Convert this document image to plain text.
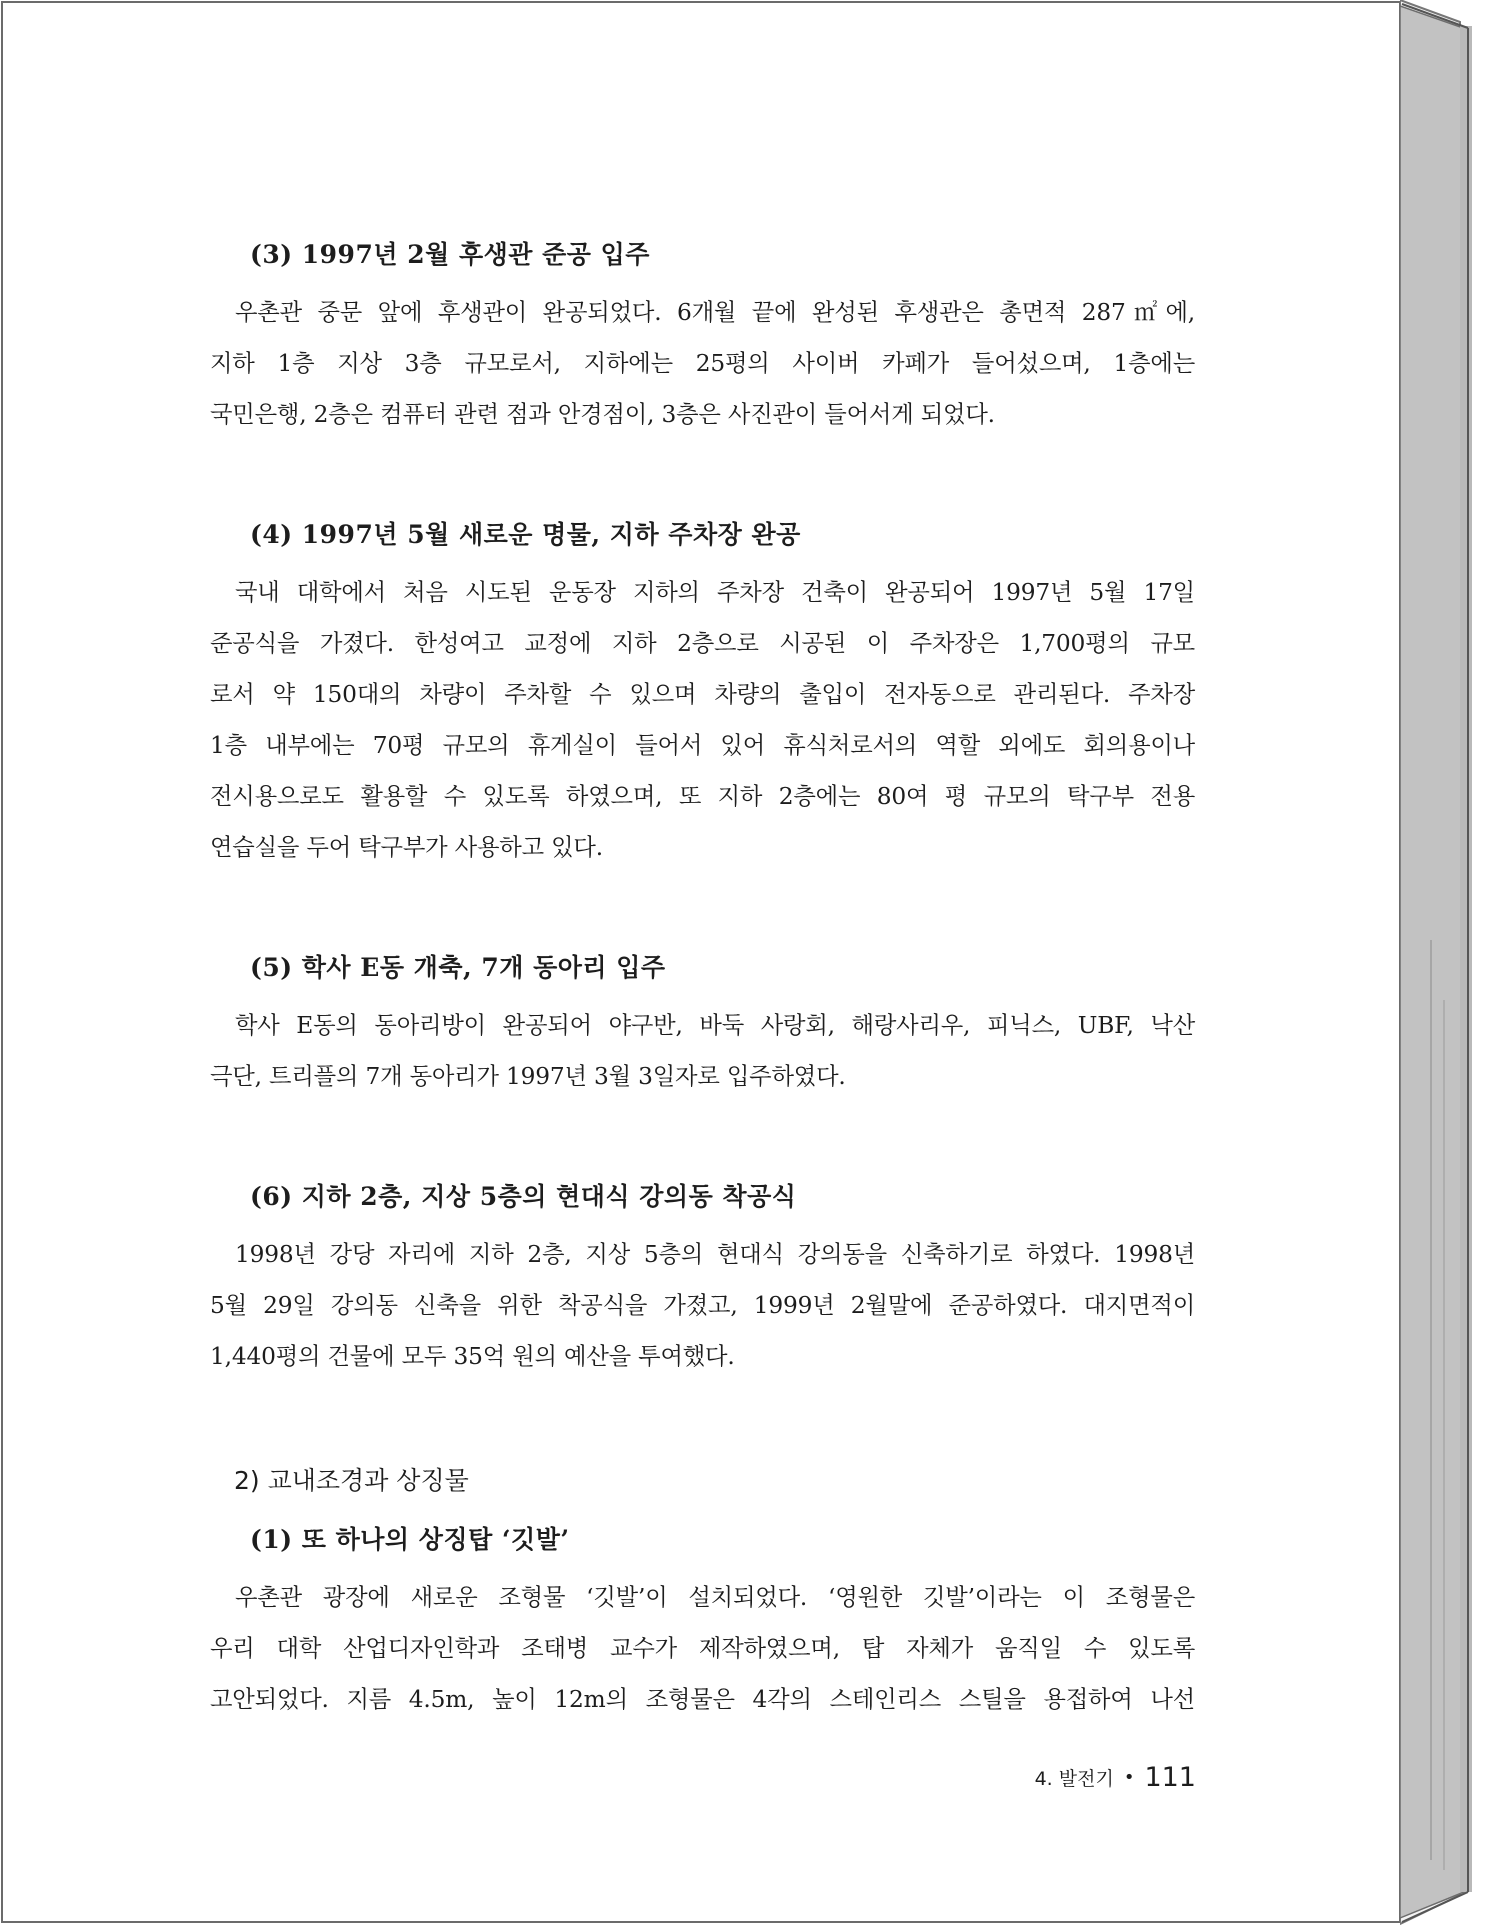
(3) 1997년 2월 후생관 준공 입주
우촌관 중문 앞에 후생관이 완공되었다. 6개월 끝에 완성된 후생관은 총면적 287㎡에,
지하 1층 지상 3층 규모로서, 지하에는 25평의 사이버 카페가 들어섰으며, 1층에는
국민은행, 2층은 컴퓨터 관련 점과 안경점이, 3층은 사진관이 들어서게 되었다.
(4) 1997년 5월 새로운 명물, 지하 주차장 완공
국내 대학에서 처음 시도된 운동장 지하의 주차장 건축이 완공되어 1997년 5월 17일
준공식을 가졌다. 한성여고 교정에 지하 2층으로 시공된 이 주차장은 1,700평의 규모
로서 약 150대의 차량이 주차할 수 있으며 차량의 출입이 전자동으로 관리된다. 주차장
1층 내부에는 70평 규모의 휴게실이 들어서 있어 휴식처로서의 역할 외에도 회의용이나
전시용으로도 활용할 수 있도록 하였으며, 또 지하 2층에는 80여 평 규모의 탁구부 전용
연습실을 두어 탁구부가 사용하고 있다.
(5) 학사 E동 개축, 7개 동아리 입주
학사 E동의 동아리방이 완공되어 야구반, 바둑 사랑회, 해랑사리우, 피닉스, UBF, 낙산
극단, 트리플의 7개 동아리가 1997년 3월 3일자로 입주하였다.
(6) 지하 2층, 지상 5층의 현대식 강의동 착공식
1998년 강당 자리에 지하 2층, 지상 5층의 현대식 강의동을 신축하기로 하였다. 1998년
5월 29일 강의동 신축을 위한 착공식을 가졌고, 1999년 2월말에 준공하였다. 대지면적이
1,440평의 건물에 모두 35억 원의 예산을 투여했다.
2) 교내조경과 상징물
(1) 또 하나의 상징탑 ‘깃발’
우촌관 광장에 새로운 조형물 ‘깃발’이 설치되었다. ‘영원한 깃발’이라는 이 조형물은
우리 대학 산업디자인학과 조태병 교수가 제작하였으며, 탑 자체가 움직일 수 있도록
고안되었다. 지름 4.5m, 높이 12m의 조형물은 4각의 스테인리스 스틸을 용접하여 나선
4. 발전기 • 111
